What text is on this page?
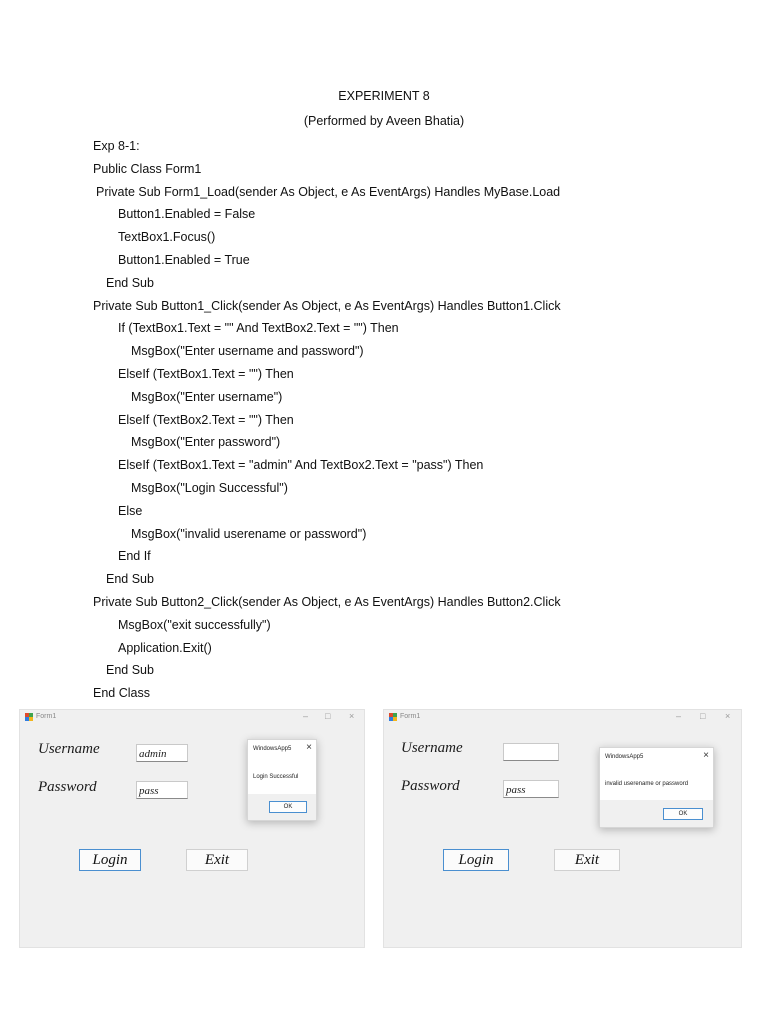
EXPERIMENT 8
(Performed by Aveen Bhatia)
Exp 8-1:
Public Class Form1
Private Sub Form1_Load(sender As Object, e As EventArgs) Handles MyBase.Load
Button1.Enabled = False
TextBox1.Focus()
Button1.Enabled = True
End Sub
Private Sub Button1_Click(sender As Object, e As EventArgs) Handles Button1.Click
If (TextBox1.Text = "" And TextBox2.Text = "") Then
MsgBox("Enter username and password")
ElseIf (TextBox1.Text = "") Then
MsgBox("Enter username")
ElseIf (TextBox2.Text = "") Then
MsgBox("Enter password")
ElseIf (TextBox1.Text = "admin" And TextBox2.Text = "pass") Then
MsgBox("Login Successful")
Else
MsgBox("invalid userename or password")
End If
End Sub
Private Sub Button2_Click(sender As Object, e As EventArgs) Handles Button2.Click
MsgBox("exit successfully")
Application.Exit()
End Sub
End Class
Form1	– □ ×
Username
Password
admin
pass
Login	Exit
WindowsApp5 ×
Login Successful
OK
Form1	– □ ×
Username
Password	pass
Login	Exit
WindowsApp5	×
invalid userename or password
OK
